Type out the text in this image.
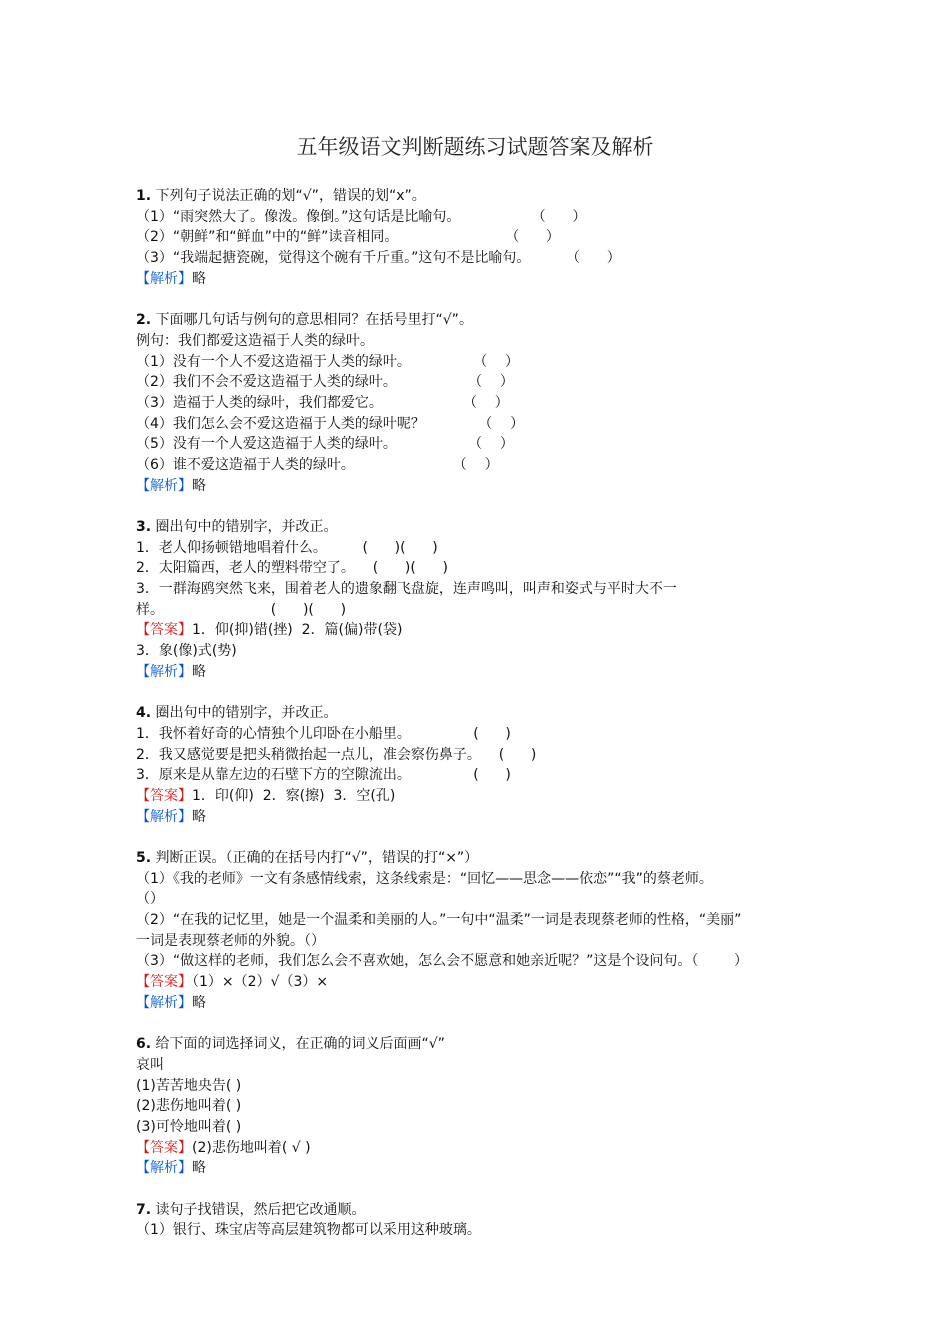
五年级语文判断题练习试题答案及解析
1. 下列句子说法正确的划“√”，错误的划“x”。
（1）“雨突然大了。像泼。像倒。”这句话是比喻句。                （      ）
（2）“朝鲜”和“鲜血”中的“鲜”读音相同。                        （      ）
（3）“我端起搪瓷碗，觉得这个碗有千斤重。”这句不是比喻句。        （      ）
【解析】略
2. 下面哪几句话与例句的意思相同？在括号里打“√”。
例句：我们都爱这造福于人类的绿叶。
（1）没有一个人不爱这造福于人类的绿叶。              （    ）
（2）我们不会不爱这造福于人类的绿叶。                （    ）
（3）造福于人类的绿叶，我们都爱它。                  （    ）
（4）我们怎么会不爱这造福于人类的绿叶呢？            （    ）
（5）没有一个人爱这造福于人类的绿叶。                （    ）
（6）谁不爱这造福于人类的绿叶。                      （    ）
【解析】略
3. 圈出句中的错别字，并改正。
1．老人仰扬顿错地唱着什么。        (      )(      )
2．太阳篇西，老人的塑料带空了。    (      )(      )
3．一群海鸥突然飞来，围着老人的遗象翻飞盘旋，连声鸣叫，叫声和姿式与平时大不一
样。                        (      )(      )
【答案】1．仰(抑)错(挫)  2．篇(偏)带(袋)
3．象(像)式(势)
【解析】略
4. 圈出句中的错别字，并改正。
1．我怀着好奇的心情独个儿印卧在小船里。              (      )
2．我又感觉要是把头稍微抬起一点儿，准会察伤鼻子。    (      )
3．原来是从靠左边的石壁下方的空隙流出。              (      )
【答案】1．印(仰)  2．察(擦)  3．空(孔)
【解析】略
5. 判断正误。（正确的在括号内打“√”，错误的打“×”）
（1）《我的老师》一文有条感情线索，这条线索是：“回忆——思念——依恋”“我”的蔡老师。
（）
（2）“在我的记忆里，她是一个温柔和美丽的人。”一句中“温柔”一词是表现蔡老师的性格，“美丽”
一词是表现蔡老师的外貌。（）
（3）“做这样的老师，我们怎么会不喜欢她，怎么会不愿意和她亲近呢？”这是个设问句。（        ）
【答案】（1）×（2）√（3）×
【解析】略
6. 给下面的词选择词义，在正确的词义后面画“√”
哀叫
(1)苦苦地央告( )
(2)悲伤地叫着( )
(3)可怜地叫着( )
【答案】(2)悲伤地叫着( √ )
【解析】略
7. 读句子找错误，然后把它改通顺。
（1）银行、珠宝店等高层建筑物都可以采用这种玻璃。
